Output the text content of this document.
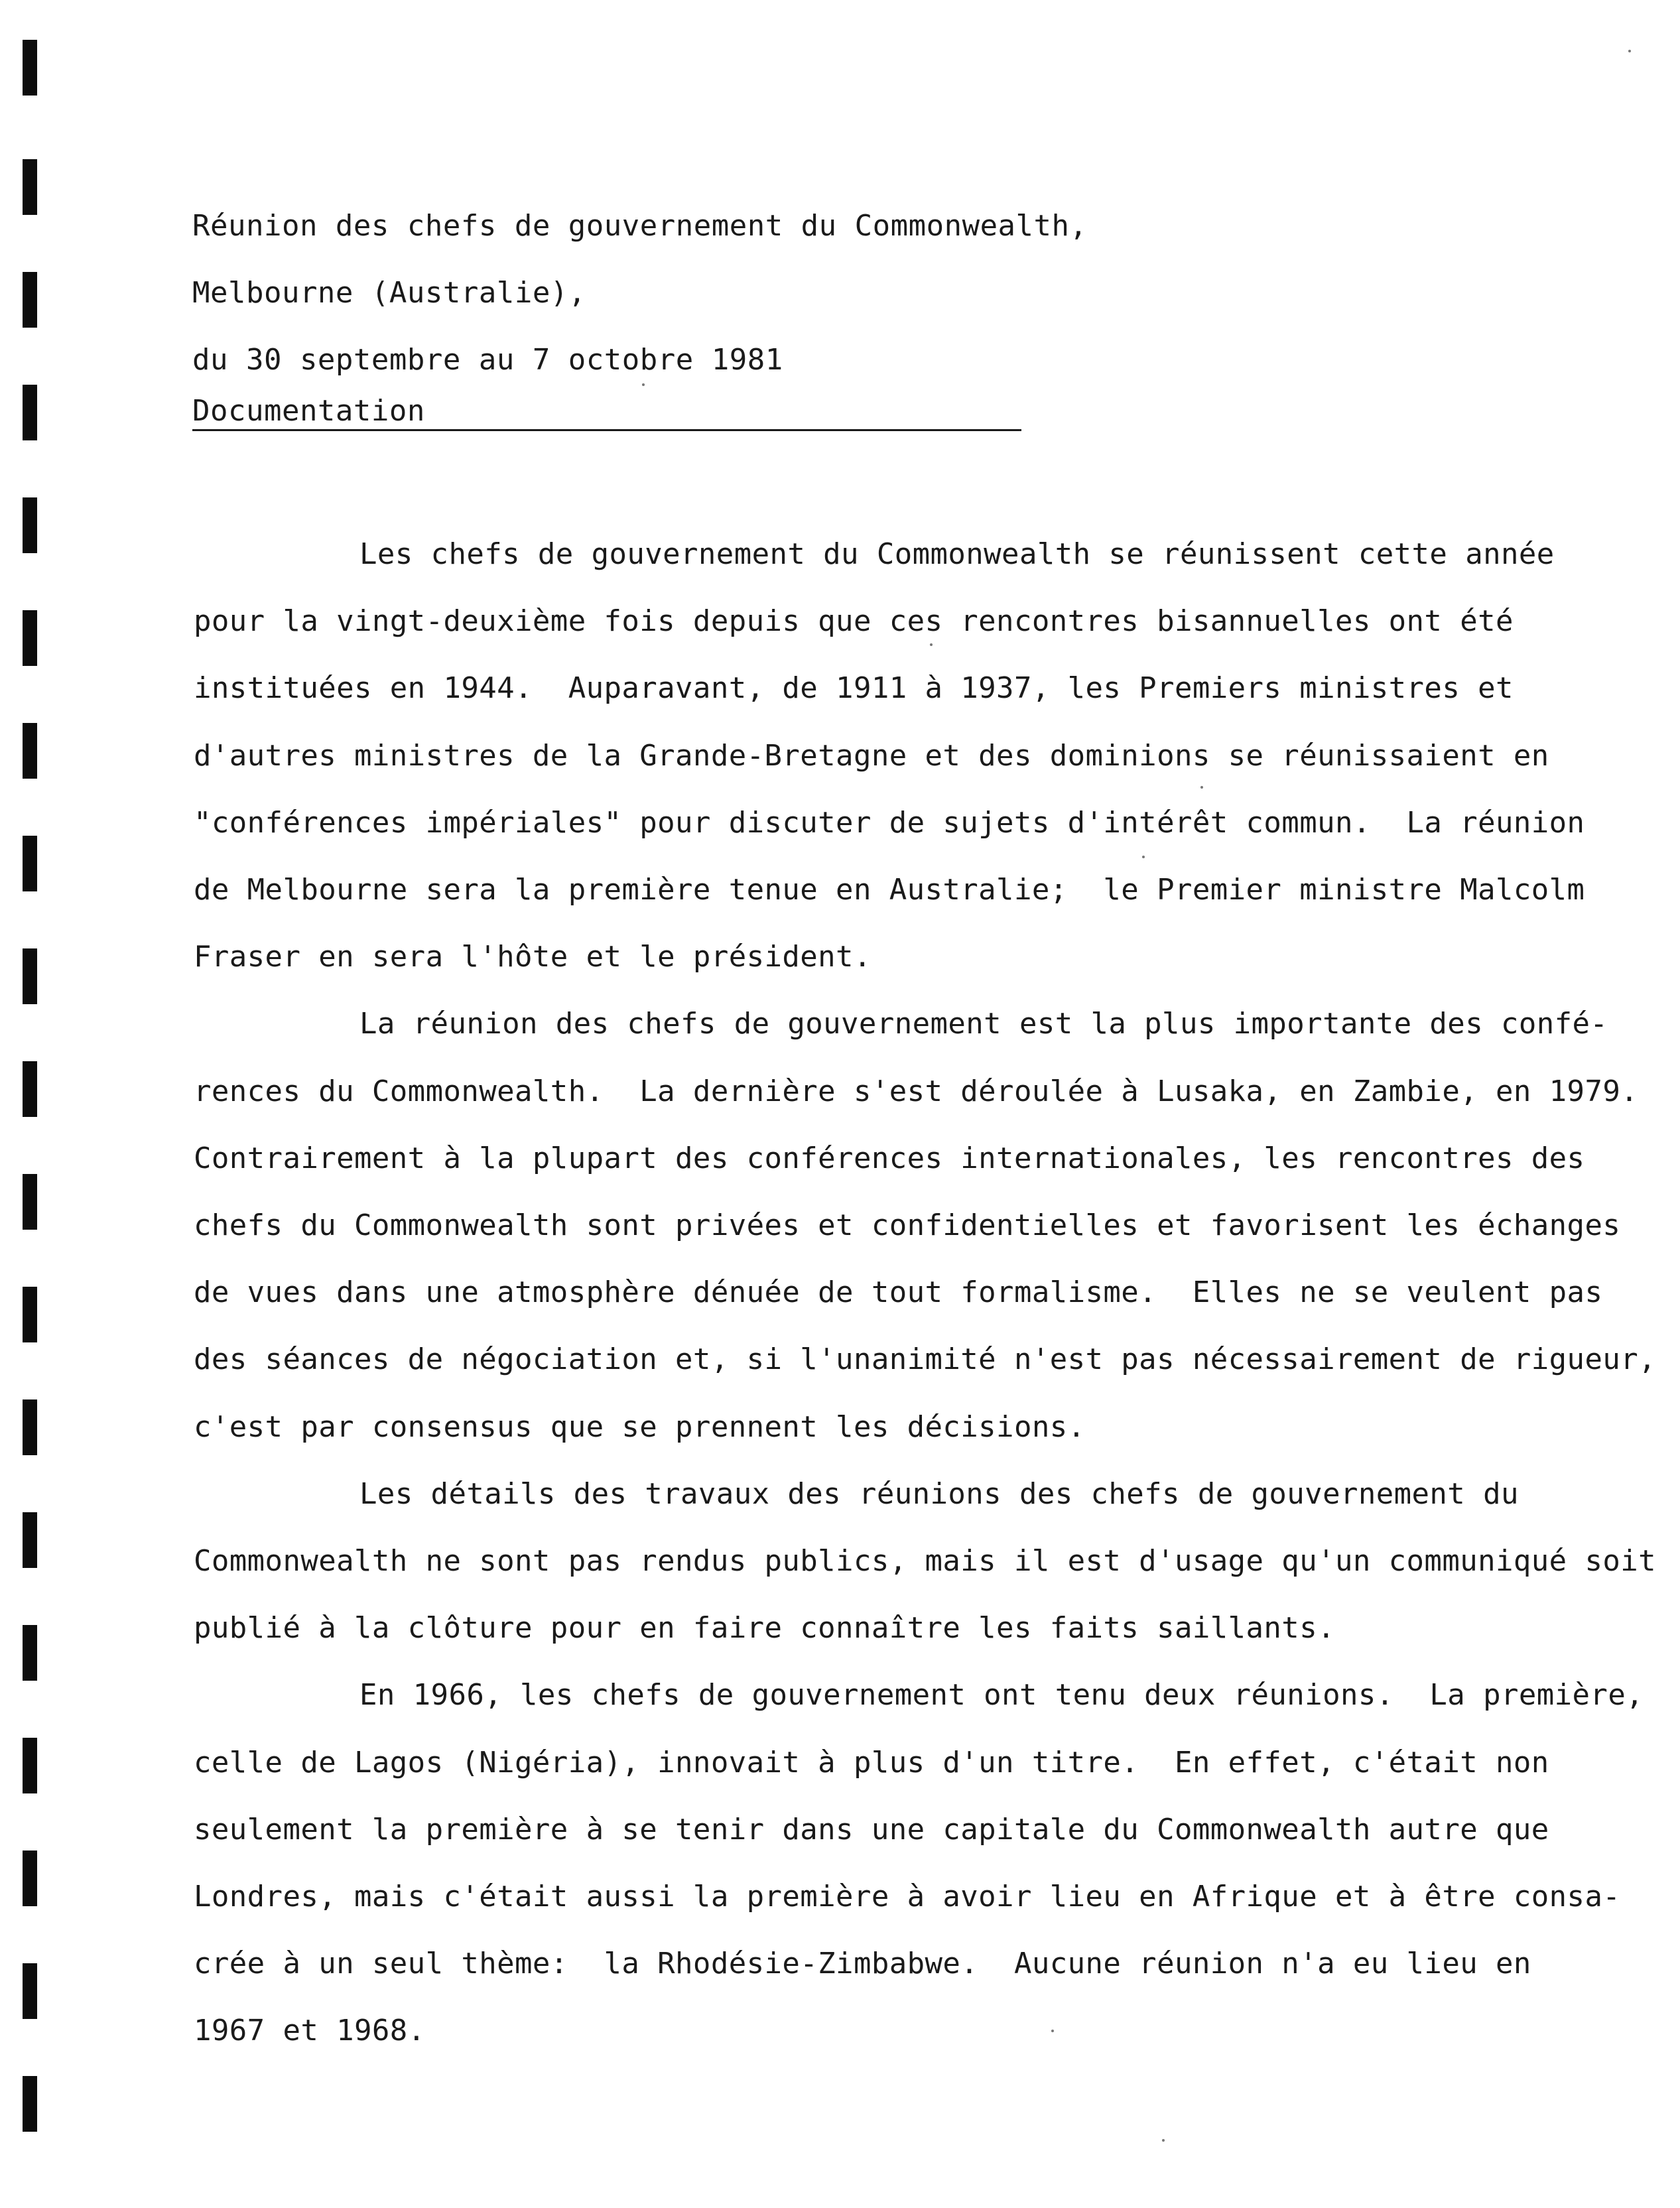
Réunion des chefs de gouvernement du Commonwealth,
Melbourne (Australie),
du 30 septembre au 7 octobre 1981
Documentation
Les chefs de gouvernement du Commonwealth se réunissent cette année
pour la vingt-deuxième fois depuis que ces rencontres bisannuelles ont été
instituées en 1944.  Auparavant, de 1911 à 1937, les Premiers ministres et
d'autres ministres de la Grande-Bretagne et des dominions se réunissaient en
"conférences impériales" pour discuter de sujets d'intérêt commun.  La réunion
de Melbourne sera la première tenue en Australie;  le Premier ministre Malcolm
Fraser en sera l'hôte et le président.
La réunion des chefs de gouvernement est la plus importante des confé-
rences du Commonwealth.  La dernière s'est déroulée à Lusaka, en Zambie, en 1979.
Contrairement à la plupart des conférences internationales, les rencontres des
chefs du Commonwealth sont privées et confidentielles et favorisent les échanges
de vues dans une atmosphère dénuée de tout formalisme.  Elles ne se veulent pas
des séances de négociation et, si l'unanimité n'est pas nécessairement de rigueur,
c'est par consensus que se prennent les décisions.
Les détails des travaux des réunions des chefs de gouvernement du
Commonwealth ne sont pas rendus publics, mais il est d'usage qu'un communiqué soit
publié à la clôture pour en faire connaître les faits saillants.
En 1966, les chefs de gouvernement ont tenu deux réunions.  La première,
celle de Lagos (Nigéria), innovait à plus d'un titre.  En effet, c'était non
seulement la première à se tenir dans une capitale du Commonwealth autre que
Londres, mais c'était aussi la première à avoir lieu en Afrique et à être consa-
crée à un seul thème:  la Rhodésie-Zimbabwe.  Aucune réunion n'a eu lieu en
1967 et 1968.
